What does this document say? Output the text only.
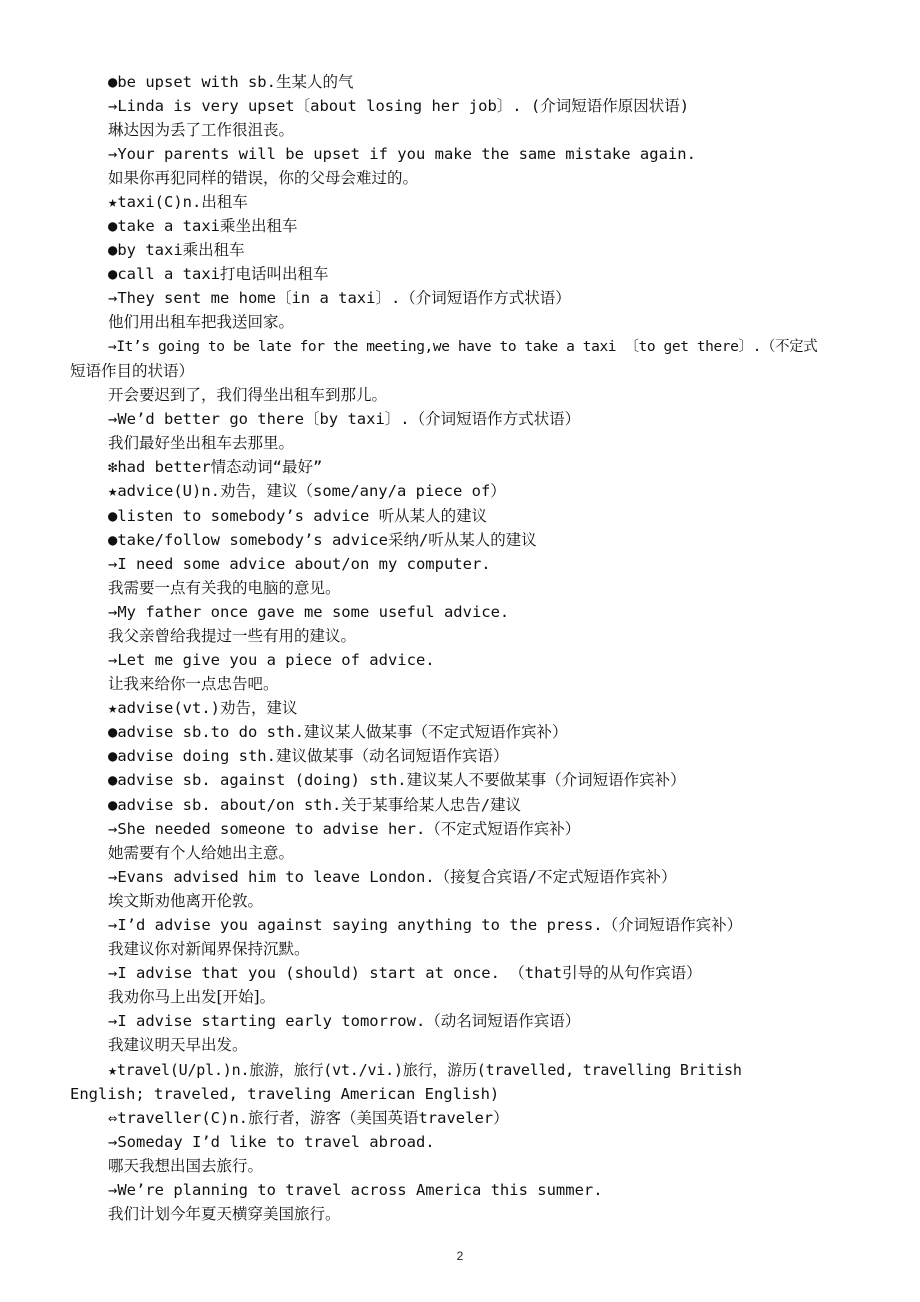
●be upset with sb.生某人的气
→Linda is very upset〔about losing her job〕. (介词短语作原因状语)
琳达因为丢了工作很沮丧。
→Your parents will be upset if you make the same mistake again.
如果你再犯同样的错误，你的父母会难过的。
★taxi(C)n.出租车
●take a taxi乘坐出租车
●by taxi乘出租车
●call a taxi打电话叫出租车
→They sent me home〔in a taxi〕.（介词短语作方式状语）
他们用出租车把我送回家。
→It’s going to be late for the meeting,we have to take a taxi 〔to get there〕.（不定式
短语作目的状语）
开会要迟到了，我们得坐出租车到那儿。
→We’d better go there〔by taxi〕.（介词短语作方式状语）
我们最好坐出租车去那里。
❇had better情态动词“最好”
★advice(U)n.劝告，建议（some/any/a piece of）
●listen to somebody’s advice 听从某人的建议
●take/follow somebody’s advice采纳/听从某人的建议
→I need some advice about/on my computer.
我需要一点有关我的电脑的意见。
→My father once gave me some useful advice.
我父亲曾给我提过一些有用的建议。
→Let me give you a piece of advice.
让我来给你一点忠告吧。
★advise(vt.)劝告，建议
●advise sb.to do sth.建议某人做某事（不定式短语作宾补）
●advise doing sth.建议做某事（动名词短语作宾语）
●advise sb. against (doing) sth.建议某人不要做某事（介词短语作宾补）
●advise sb. about/on sth.关于某事给某人忠告/建议
→She needed someone to advise her.（不定式短语作宾补）
她需要有个人给她出主意。
→Evans advised him to leave London.（接复合宾语/不定式短语作宾补）
埃文斯劝他离开伦敦。
→I’d advise you against saying anything to the press.（介词短语作宾补）
我建议你对新闻界保持沉默。
→I advise that you (should) start at once. （that引导的从句作宾语）
我劝你马上出发[开始]。
→I advise starting early tomorrow.（动名词短语作宾语）
我建议明天早出发。
★travel(U/pl.)n.旅游，旅行(vt./vi.)旅行，游历(travelled, travelling British
English; traveled, traveling American English)
⇔traveller(C)n.旅行者，游客（美国英语traveler）
→Someday I’d like to travel abroad.
哪天我想出国去旅行。
→We’re planning to travel across America this summer.
我们计划今年夏天横穿美国旅行。
2
